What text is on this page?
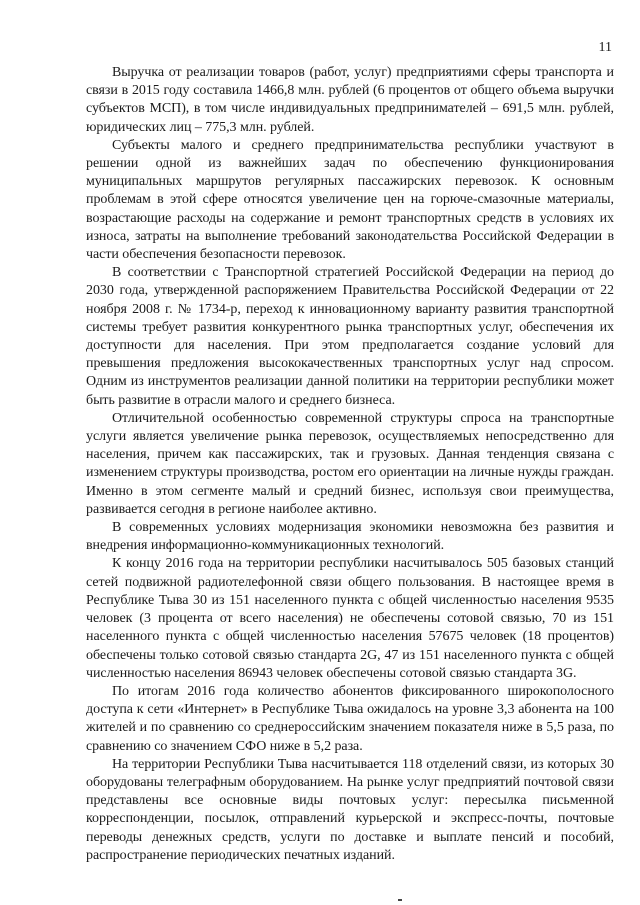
11

Выручка от реализации товаров (работ, услуг) предприятиями сферы транспорта и связи в 2015 году составила 1466,8 млн. рублей (6 процентов от общего объема выручки субъектов МСП), в том числе индивидуальных предпринимателей – 691,5 млн. рублей, юридических лиц – 775,3 млн. рублей.

Субъекты малого и среднего предпринимательства республики участвуют в решении одной из важнейших задач по обеспечению функционирования муниципальных маршрутов регулярных пассажирских перевозок. К основным проблемам в этой сфере относятся увеличение цен на горюче-смазочные материалы, возрастающие расходы на содержание и ремонт транспортных средств в условиях их износа, затраты на выполнение требований законодательства Российской Федерации в части обеспечения безопасности перевозок.

В соответствии с Транспортной стратегией Российской Федерации на период до 2030 года, утвержденной распоряжением Правительства Российской Федерации от 22 ноября 2008 г. № 1734-р, переход к инновационному варианту развития транспортной системы требует развития конкурентного рынка транспортных услуг, обеспечения их доступности для населения. При этом предполагается создание условий для превышения предложения высококачественных транспортных услуг над спросом. Одним из инструментов реализации данной политики на территории республики может быть развитие в отрасли малого и среднего бизнеса.

Отличительной особенностью современной структуры спроса на транспортные услуги является увеличение рынка перевозок, осуществляемых непосредственно для населения, причем как пассажирских, так и грузовых. Данная тенденция связана с изменением структуры производства, ростом его ориентации на личные нужды граждан. Именно в этом сегменте малый и средний бизнес, используя свои преимущества, развивается сегодня в регионе наиболее активно.

В современных условиях модернизация экономики невозможна без развития и внедрения информационно-коммуникационных технологий.

К концу 2016 года на территории республики насчитывалось 505 базовых станций сетей подвижной радиотелефонной связи общего пользования. В настоящее время в Республике Тыва 30 из 151 населенного пункта с общей численностью населения 9535 человек (3 процента от всего населения) не обеспечены сотовой связью, 70 из 151 населенного пункта с общей численностью населения 57675 человек (18 процентов) обеспечены только сотовой связью стандарта 2G, 47 из 151 населенного пункта с общей численностью населения 86943 человек обеспечены сотовой связью стандарта 3G.

По итогам 2016 года количество абонентов фиксированного широкополосного доступа к сети «Интернет» в Республике Тыва ожидалось на уровне 3,3 абонента на 100 жителей и по сравнению со среднероссийским значением показателя ниже в 5,5 раза, по сравнению со значением СФО ниже в 5,2 раза.

На территории Республики Тыва насчитывается 118 отделений связи, из которых 30 оборудованы телеграфным оборудованием. На рынке услуг предприятий почтовой связи представлены все основные виды почтовых услуг: пересылка письменной корреспонденции, посылок, отправлений курьерской и экспресс-почты, почтовые переводы денежных средств, услуги по доставке и выплате пенсий и пособий, распространение периодических печатных изданий.
